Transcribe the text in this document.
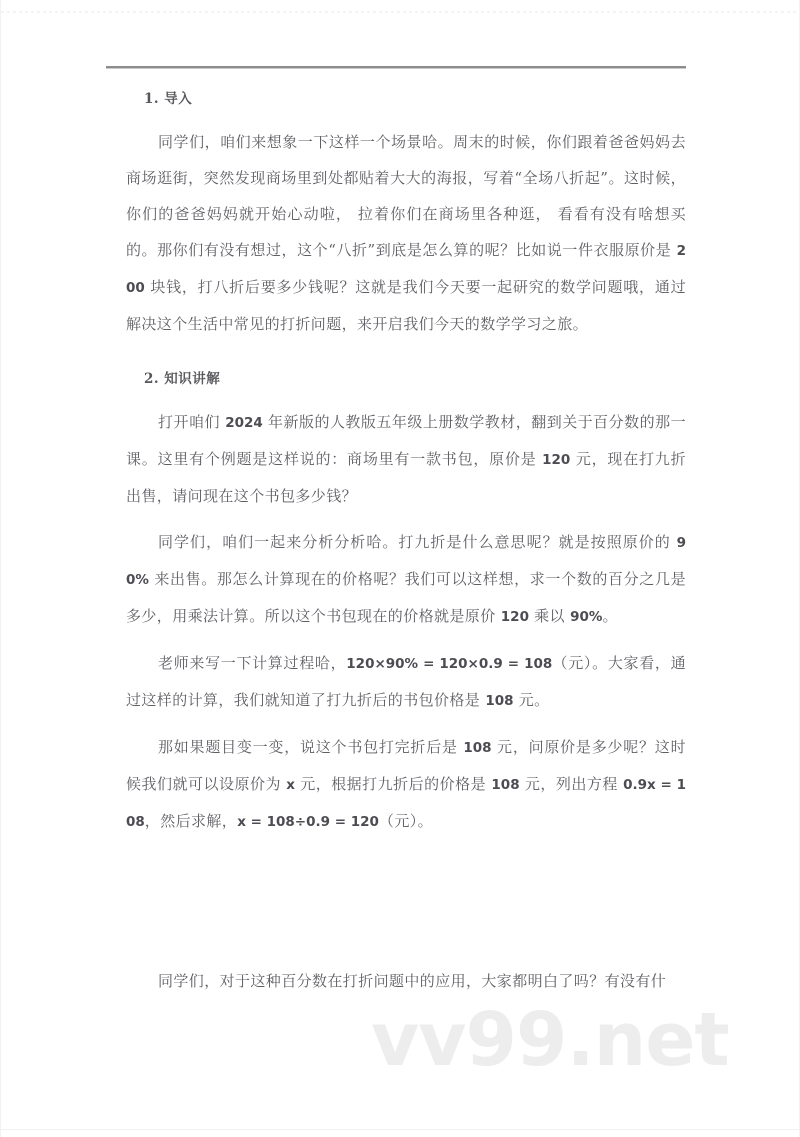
1. 导入

同学们，咱们来想象一下这样一个场景哈。周末的时候，你们跟着爸爸妈妈去商场逛街，突然发现商场里到处都贴着大大的海报，写着“全场八折起”。这时候，你们的爸爸妈妈就开始心动啦， 拉着你们在商场里各种逛， 看看有没有啥想买的。那你们有没有想过，这个“八折”到底是怎么算的呢？比如说一件衣服原价是 200 块钱，打八折后要多少钱呢？这就是我们今天要一起研究的数学问题哦，通过解决这个生活中常见的打折问题，来开启我们今天的数学学习之旅。

2. 知识讲解

打开咱们 2024 年新版的人教版五年级上册数学教材，翻到关于百分数的那一课。这里有个例题是这样说的：商场里有一款书包，原价是 120 元，现在打九折出售，请问现在这个书包多少钱？

同学们，咱们一起来分析分析哈。打九折是什么意思呢？就是按照原价的 90% 来出售。那怎么计算现在的价格呢？我们可以这样想，求一个数的百分之几是多少，用乘法计算。所以这个书包现在的价格就是原价 120 乘以 90%。

老师来写一下计算过程哈，120×90% = 120×0.9 = 108（元）。大家看，通过这样的计算，我们就知道了打九折后的书包价格是 108 元。

那如果题目变一变，说这个书包打完折后是 108 元，问原价是多少呢？这时候我们就可以设原价为 x 元，根据打九折后的价格是 108 元，列出方程 0.9x = 108，然后求解，x = 108÷0.9 = 120（元）。

同学们，对于这种百分数在打折问题中的应用，大家都明白了吗？有没有什

vv99.net
